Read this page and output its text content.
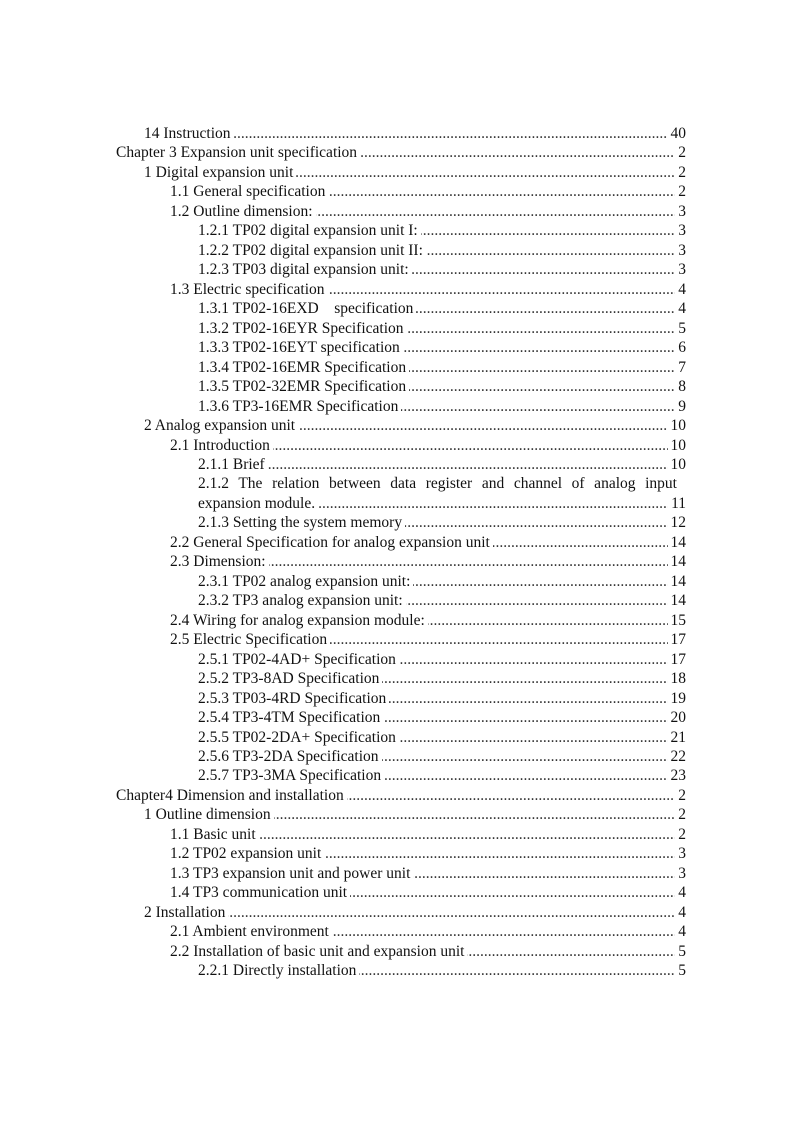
..... 14 Instruction	40
..... Chapter 3 Expansion unit specification	2
..... 1 Digital expansion unit	2
..... 1.1 General specification	2
..... 1.2 Outline dimension:	3
..... 1.2.1 TP02 digital expansion unit I:	3
..... 1.2.2 TP02 digital expansion unit II:	3
..... 1.2.3 TP03 digital expansion unit:	3
..... 1.3 Electric specification	4
..... 1.3.1 TP02-16EXD    specification	4
..... 1.3.2 TP02-16EYR Specification	5
..... 1.3.3 TP02-16EYT specification	6
..... 1.3.4 TP02-16EMR Specification	7
..... 1.3.5 TP02-32EMR Specification	8
..... 1.3.6 TP3-16EMR Specification	9
..... 2 Analog expansion unit	10
..... 2.1 Introduction	10
..... 2.1.1 Brief	10
..... 2.1.2 The relation between data register and channel of analog input expansion module.	11
..... 2.1.3 Setting the system memory	12
..... 2.2 General Specification for analog expansion unit	14
..... 2.3 Dimension:	14
..... 2.3.1 TP02 analog expansion unit:	14
..... 2.3.2 TP3 analog expansion unit:	14
..... 2.4 Wiring for analog expansion module:	15
..... 2.5 Electric Specification	17
..... 2.5.1 TP02-4AD+ Specification	17
..... 2.5.2 TP3-8AD Specification	18
..... 2.5.3 TP03-4RD Specification	19
..... 2.5.4 TP3-4TM Specification	20
..... 2.5.5 TP02-2DA+ Specification	21
..... 2.5.6 TP3-2DA Specification	22
..... 2.5.7 TP3-3MA Specification	23
..... Chapter4 Dimension and installation	2
..... 1 Outline dimension	2
..... 1.1 Basic unit	2
..... 1.2 TP02 expansion unit	3
..... 1.3 TP3 expansion unit and power unit	3
..... 1.4 TP3 communication unit	4
..... 2 Installation	4
..... 2.1 Ambient environment	4
..... 2.2 Installation of basic unit and expansion unit	5
..... 2.2.1 Directly installation	5
